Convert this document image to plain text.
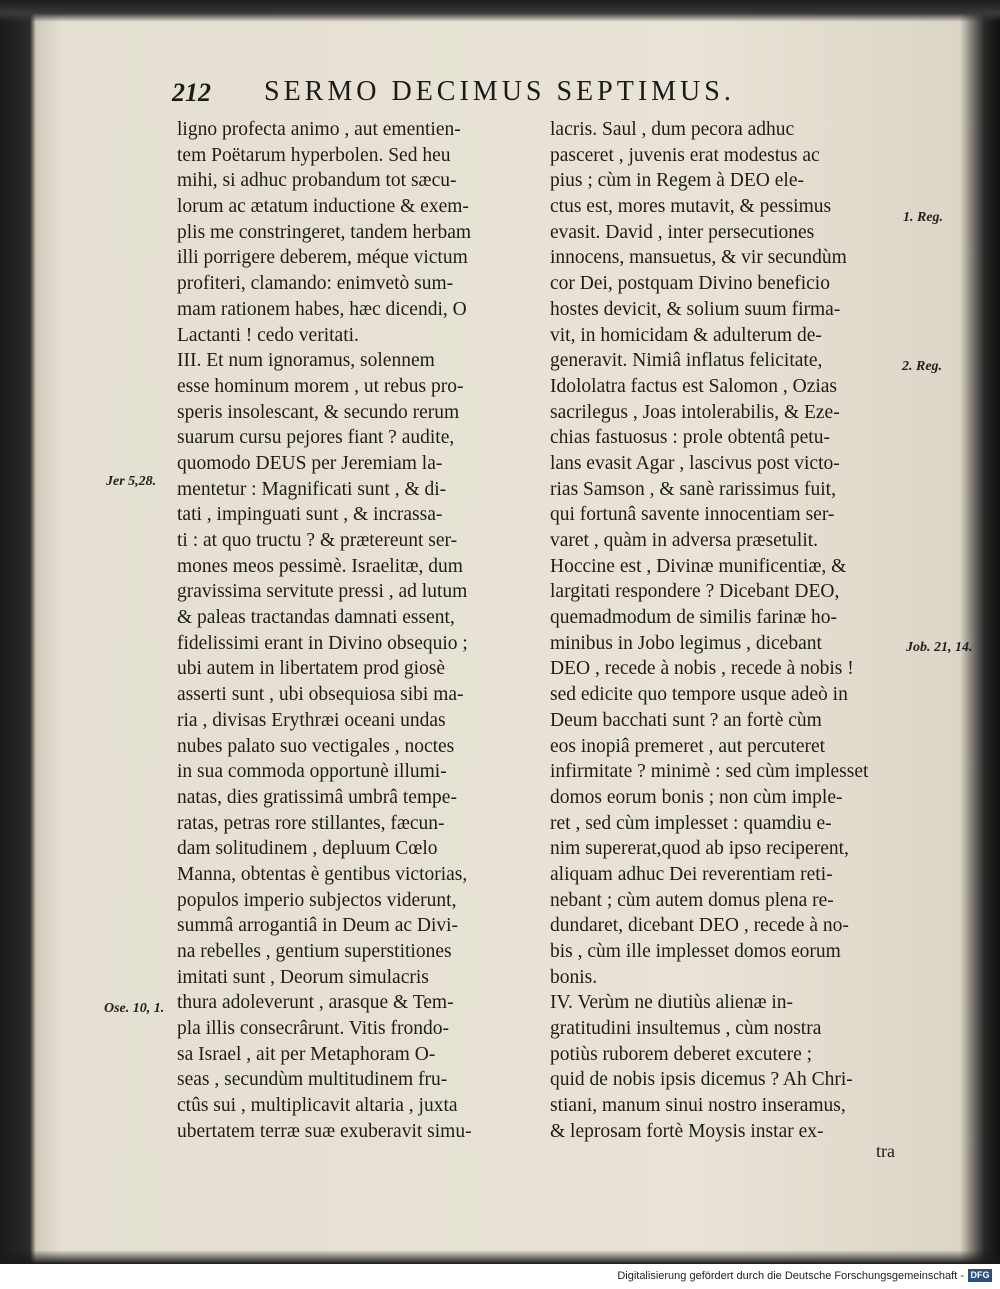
212 SERMO DECIMUS SEPTIMUS.
ligno profecta animo , aut ementien-
tem Poëtarum hyperbolen. Sed heu
mihi, si adhuc probandum tot sæcu-
lorum ac ætatum inductione & exem-
plis me constringeret, tandem herbam
illi porrigere deberem, méque victum
profiteri, clamando: enimvetò sum-
mam rationem habes, hæc dicendi, O
Lactanti ! cedo veritati.
III. Et num ignoramus, solennem
esse hominum morem , ut rebus pro-
speris insolescant, & secundo rerum
suarum cursu pejores fiant ? audite,
quomodo DEUS per Jeremiam la-
mentetur : Magnificati sunt , & di-
tati , impinguati sunt , & incrassa-
ti : at quo tructu ? & prætereunt ser-
mones meos pessimè. Israelitæ, dum
gravissima servitute pressi , ad lutum
& paleas tractandas damnati essent,
fidelissimi erant in Divino obsequio ;
ubi autem in libertatem prod giosè
asserti sunt , ubi obsequiosa sibi ma-
ria , divisas Erythræi oceani undas
nubes palato suo vectigales , noctes
in sua commoda opportunè illumi-
natas, dies gratissimâ umbrâ tempe-
ratas, petras rore stillantes, fæcun-
dam solitudinem , depluum Cœlo
Manna, obtentas è gentibus victorias,
populos imperio subjectos viderunt,
summâ arrogantiâ in Deum ac Divi-
na rebelles , gentium superstitiones
imitati sunt , Deorum simulacris
thura adoleverunt , arasque & Tem-
pla illis consecrârunt. Vitis frondo-
sa Israel , ait per Metaphoram O-
seas , secundùm multitudinem fru-
ctûs sui , multiplicavit altaria , juxta
ubertatem terræ suæ exuberavit simu-
lacris. Saul , dum pecora adhuc
pasceret , juvenis erat modestus ac
pius ; cùm in Regem à DEO ele-
ctus est, mores mutavit, & pessimus
evasit. David , inter persecutiones
innocens, mansuetus, & vir secundùm
cor Dei, postquam Divino beneficio
hostes devicit, & solium suum firma-
vit, in homicidam & adulterum de-
generavit. Nimiâ inflatus felicitate,
Idololatra factus est Salomon , Ozias
sacrilegus , Joas intolerabilis, & Eze-
chias fastuosus : prole obtentâ petu-
lans evasit Agar , lascivus post victo-
rias Samson , & sanè rarissimus fuit,
qui fortunâ savente innocentiam ser-
varet , quàm in adversa præsetulit.
Hoccine est , Divinæ munificentiæ, &
largitati respondere ? Dicebant DEO,
quemadmodum de similis farinæ ho-
minibus in Jobo legimus , dicebant
DEO , recede à nobis , recede à nobis !
sed edicite quo tempore usque adeò in
Deum bacchati sunt ? an fortè cùm
eos inopiâ premeret , aut percuteret
infirmitate ? minimè : sed cùm implesset
domos eorum bonis ; non cùm imple-
ret , sed cùm implesset : quamdiu e-
nim supererat,quod ab ipso reciperent,
aliquam adhuc Dei reverentiam reti-
nebant ; cùm autem domus plena re-
dundaret, dicebant DEO , recede à no-
bis , cùm ille implesset domos eorum
bonis.
IV. Verùm ne diutiùs alienæ in-
gratitudini insultemus , cùm nostra
potiùs ruborem deberet excutere ;
quid de nobis ipsis dicemus ? Ah Chri-
stiani, manum sinui nostro inseramus,
& leprosam fortè Moysis instar ex-
Jer 5,28.
Ose. 10, 1.
1. Reg.
2. Reg.
Job. 21, 14.
tra
Digitalisierung gefördert durch die Deutsche Forschungsgemeinschaft - DFG
